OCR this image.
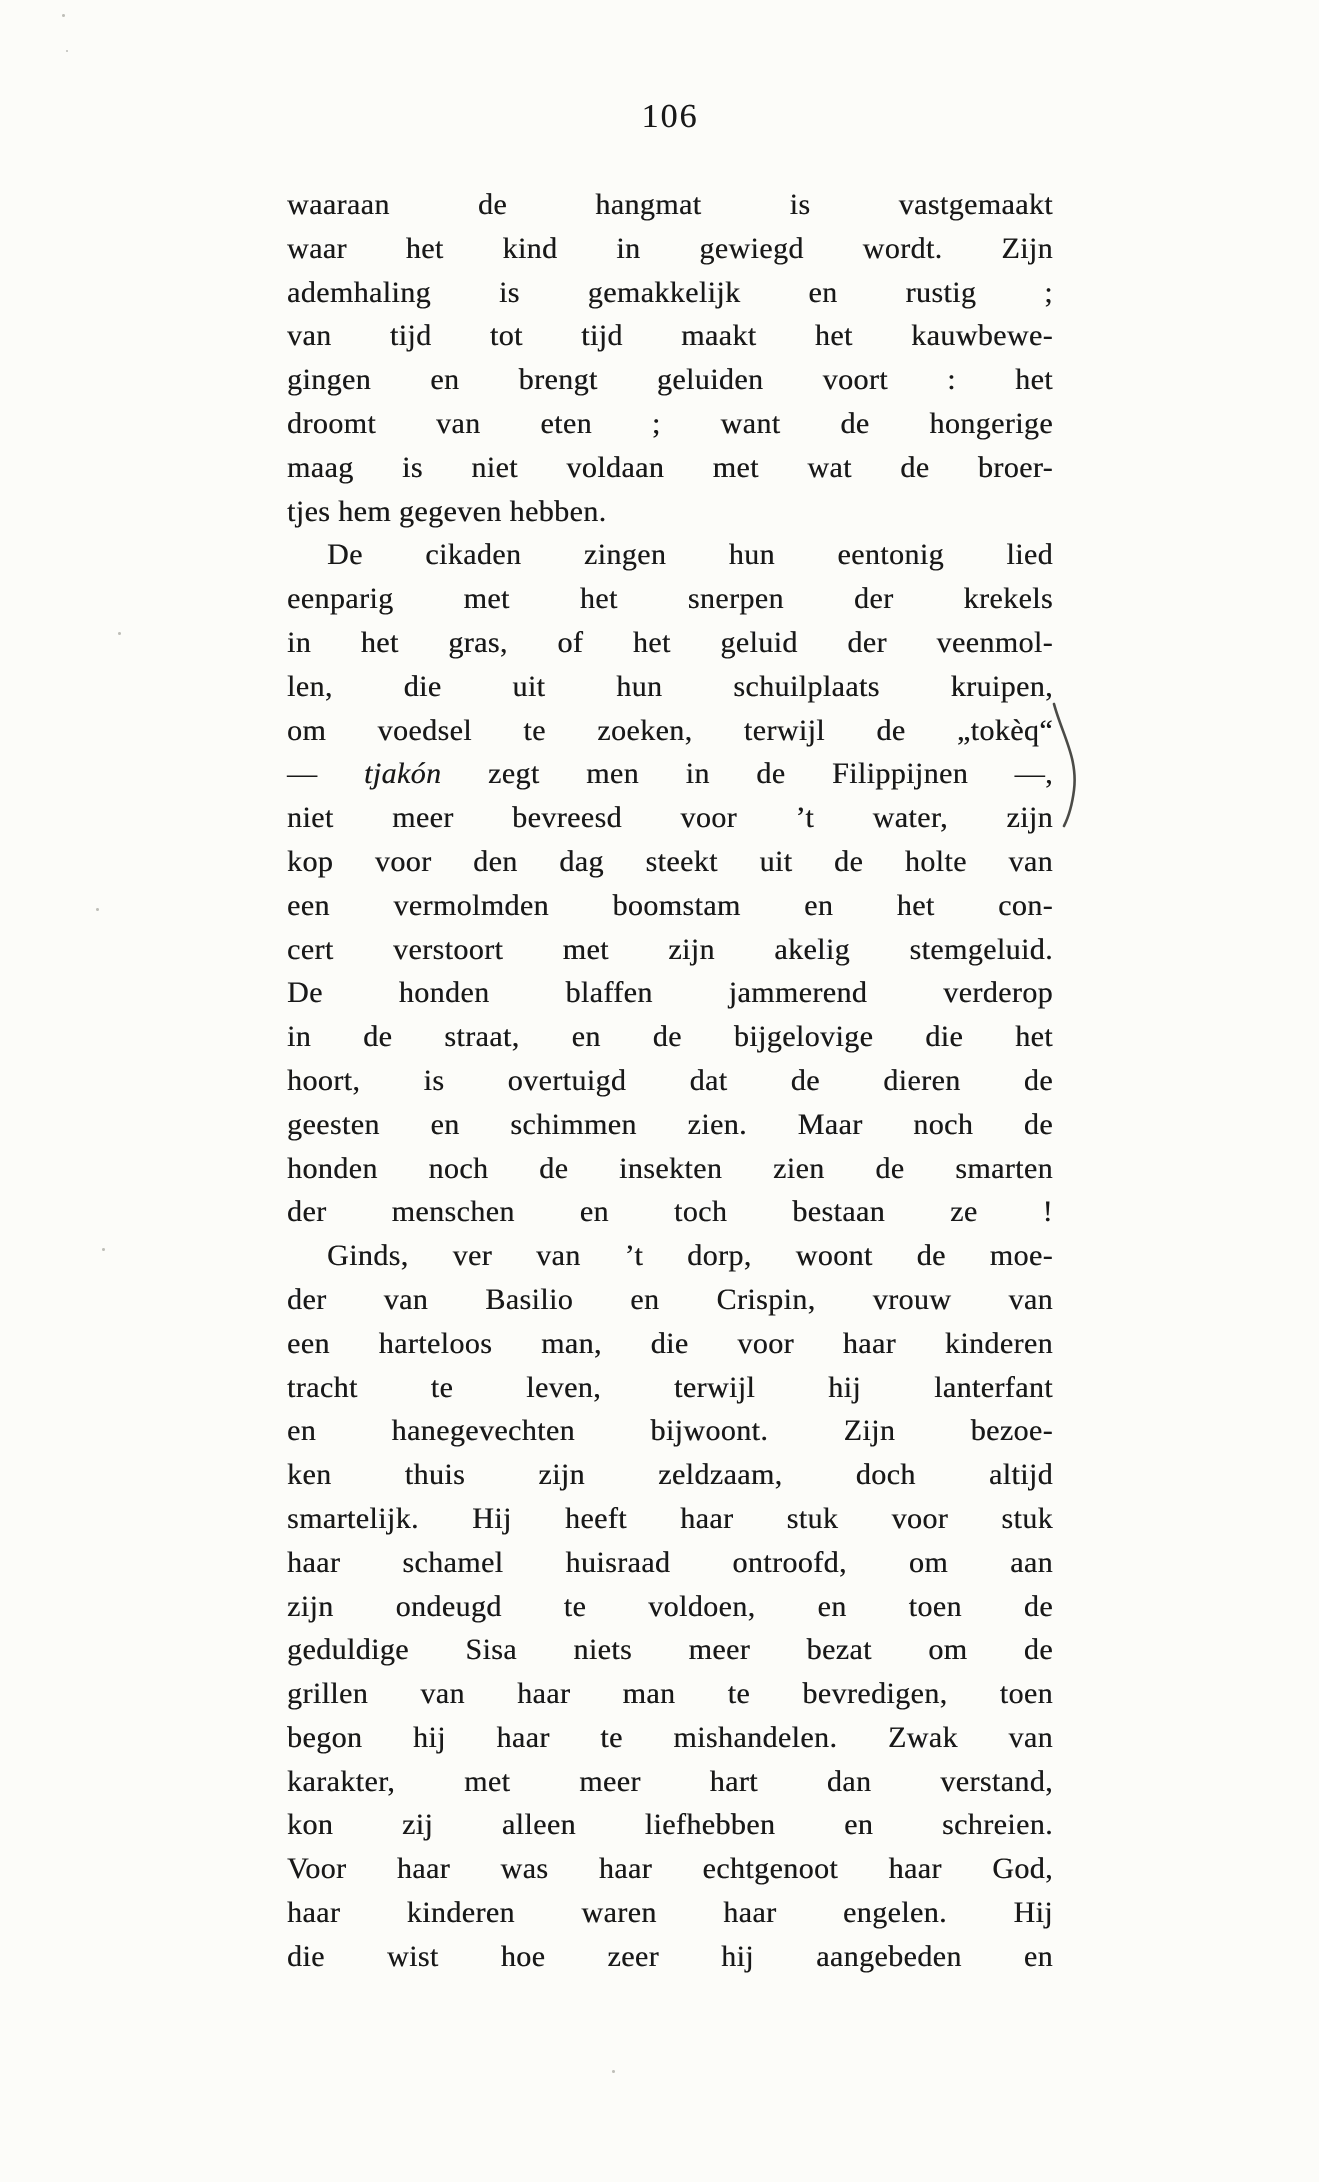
106
waaraan de hangmat is vastgemaakt
waar het kind in gewiegd wordt. Zijn
ademhaling is gemakkelijk en rustig ;
van tijd tot tijd maakt het kauwbewe-
gingen en brengt geluiden voort : het
droomt van eten ; want de hongerige
maag is niet voldaan met wat de broer-
tjes hem gegeven hebben.
De cikaden zingen hun eentonig lied
eenparig met het snerpen der krekels
in het gras, of het geluid der veenmol-
len, die uit hun schuilplaats kruipen,
om voedsel te zoeken, terwijl de „tokèq“
— tjakón zegt men in de Filippijnen —,
niet meer bevreesd voor ’t water, zijn
kop voor den dag steekt uit de holte van
een vermolmden boomstam en het con-
cert verstoort met zijn akelig stemgeluid.
De honden blaffen jammerend verderop
in de straat, en de bijgelovige die het
hoort, is overtuigd dat de dieren de
geesten en schimmen zien. Maar noch de
honden noch de insekten zien de smarten
der menschen en toch bestaan ze !
Ginds, ver van ’t dorp, woont de moe-
der van Basilio en Crispin, vrouw van
een harteloos man, die voor haar kinderen
tracht te leven, terwijl hij lanterfant
en hanegevechten bijwoont. Zijn bezoe-
ken thuis zijn zeldzaam, doch altijd
smartelijk. Hij heeft haar stuk voor stuk
haar schamel huisraad ontroofd, om aan
zijn ondeugd te voldoen, en toen de
geduldige Sisa niets meer bezat om de
grillen van haar man te bevredigen, toen
begon hij haar te mishandelen. Zwak van
karakter, met meer hart dan verstand,
kon zij alleen liefhebben en schreien.
Voor haar was haar echtgenoot haar God,
haar kinderen waren haar engelen. Hij
die wist hoe zeer hij aangebeden en
